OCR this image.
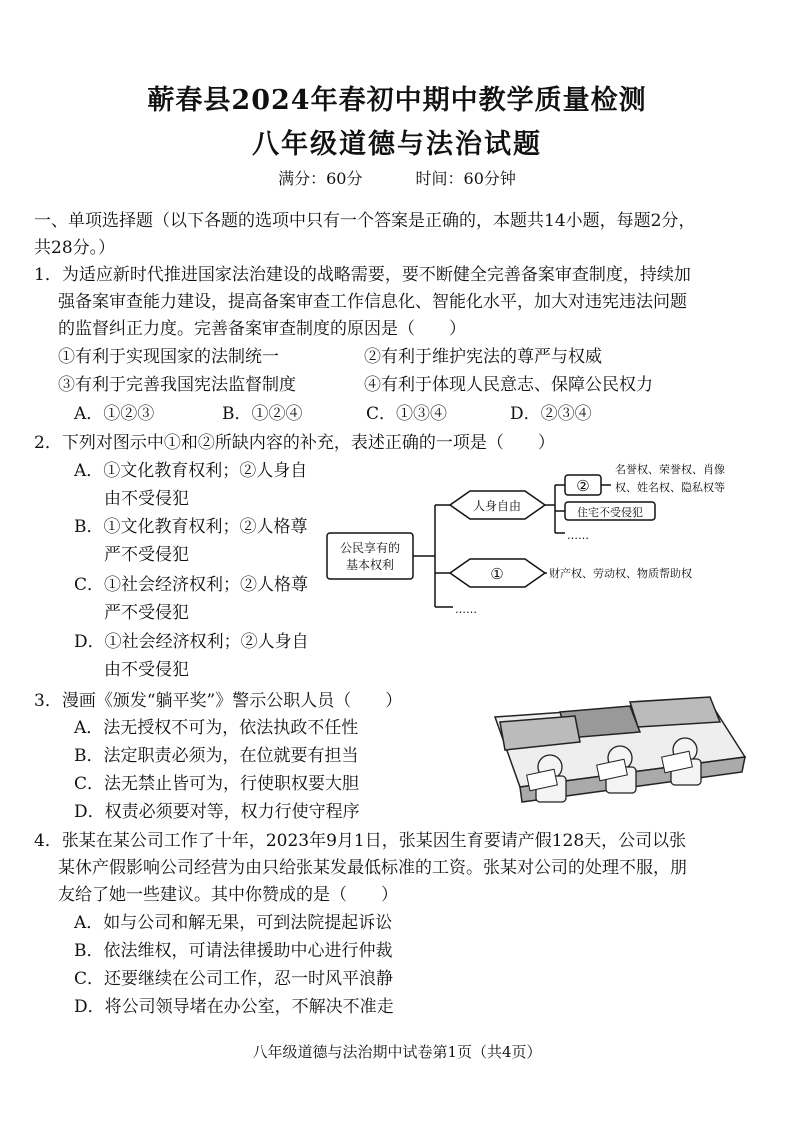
蕲春县2024年春初中期中教学质量检测
八年级道德与法治试题
满分：60分	时间：60分钟
一、单项选择题（以下各题的选项中只有一个答案是正确的，本题共14小题，每题2分，
共28分。）
1．为适应新时代推进国家法治建设的战略需要，要不断健全完善备案审查制度，持续加
强备案审查能力建设，提高备案审查工作信息化、智能化水平，加大对违宪违法问题
的监督纠正力度。完善备案审查制度的原因是（　　）
①有利于实现国家的法制统一	②有利于维护宪法的尊严与权威
③有利于完善我国宪法监督制度	④有利于体现人民意志、保障公民权力
A．①②③	B．①②④	C．①③④	D．②③④
2．下列对图示中①和②所缺内容的补充，表述正确的一项是（　　）
A．①文化教育权利；②人身自
由不受侵犯
B．①文化教育权利；②人格尊
严不受侵犯
C．①社会经济权利；②人格尊
严不受侵犯
D．①社会经济权利；②人身自
由不受侵犯
公民享有的
基本权利
人身自由
②
名誉权、荣誉权、肖像
权、姓名权、隐私权等
住宅不受侵犯
……
①	财产权、劳动权、物质帮助权
……
3．漫画《颁发“躺平奖”》警示公职人员（　　）
A．法无授权不可为，依法执政不任性
B．法定职责必须为，在位就要有担当
C．法无禁止皆可为，行使职权要大胆
D．权责必须要对等，权力行使守程序
4．张某在某公司工作了十年，2023年9月1日，张某因生育要请产假128天，公司以张
某休产假影响公司经营为由只给张某发最低标准的工资。张某对公司的处理不服，朋
友给了她一些建议。其中你赞成的是（　　）
A．如与公司和解无果，可到法院提起诉讼
B．依法维权，可请法律援助中心进行仲裁
C．还要继续在公司工作，忍一时风平浪静
D．将公司领导堵在办公室，不解决不准走
八年级道德与法治期中试卷第1页（共4页）
